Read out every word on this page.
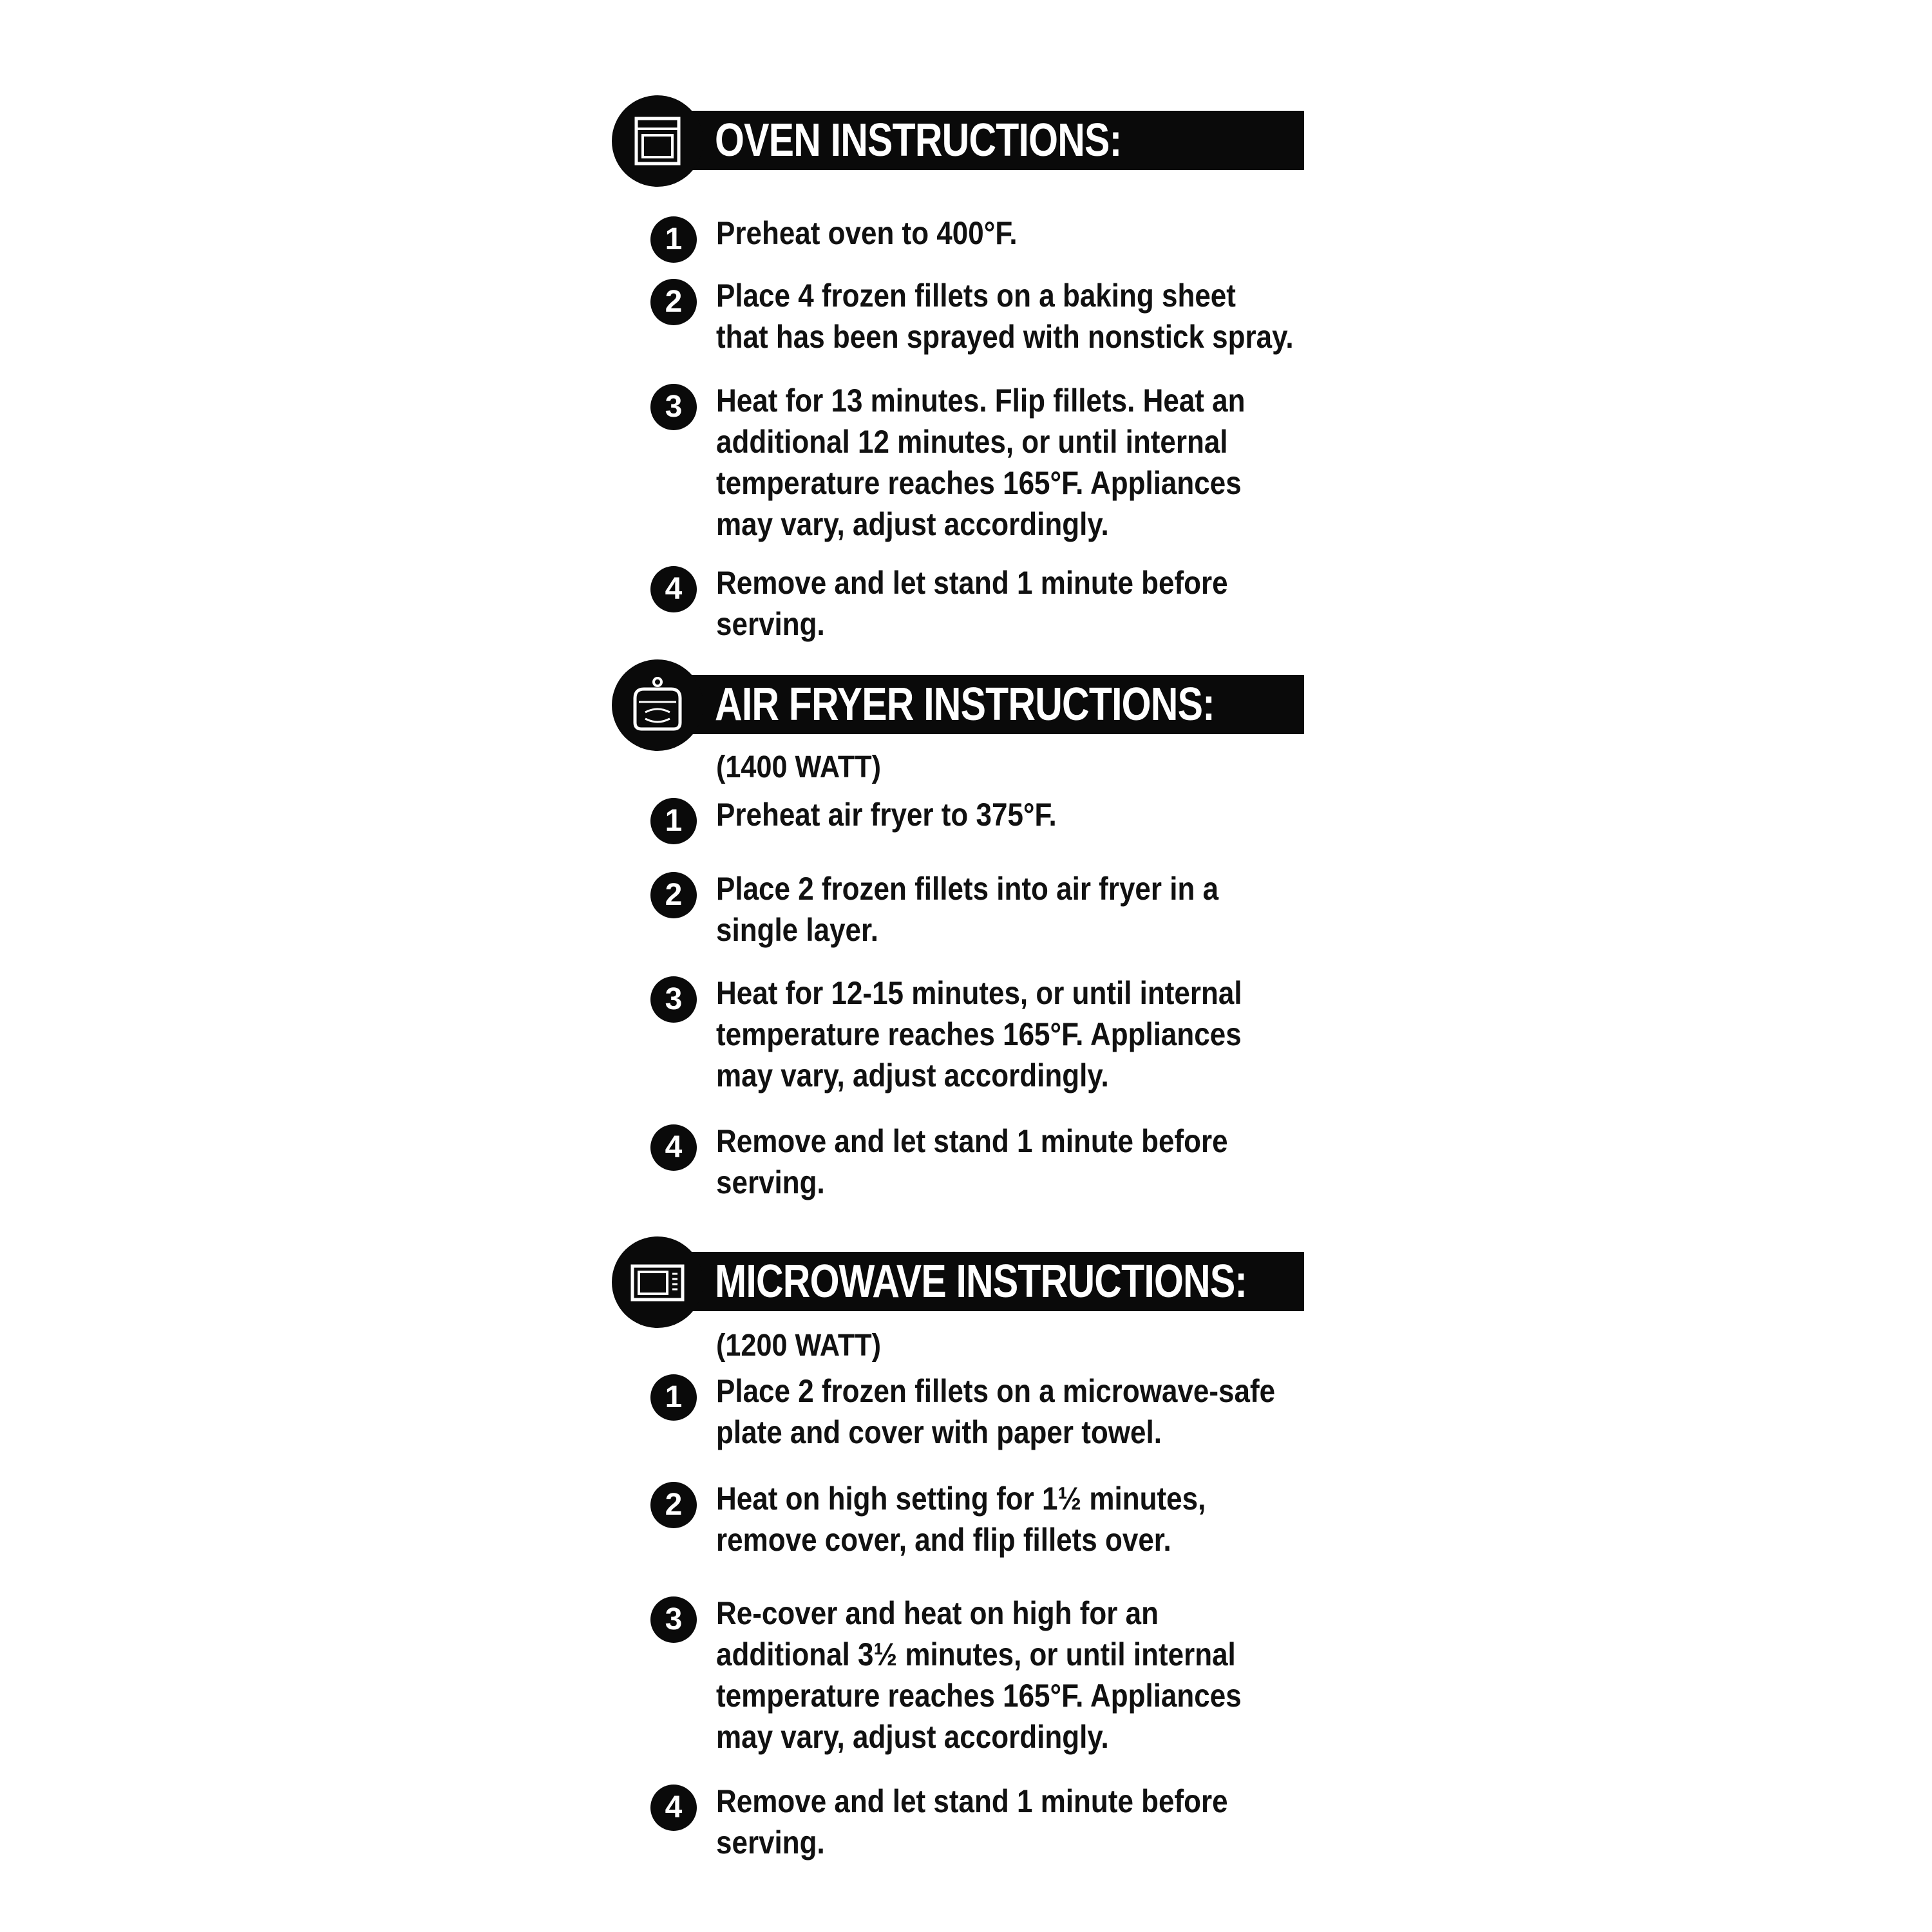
OVEN INSTRUCTIONS:
1	Preheat oven to 400°F.
2	Place 4 frozen fillets on a baking sheet
that has been sprayed with nonstick spray.
3	Heat for 13 minutes. Flip fillets. Heat an
additional 12 minutes, or until internal
temperature reaches 165°F. Appliances
may vary, adjust accordingly.
4	Remove and let stand 1 minute before
serving.
AIR FRYER INSTRUCTIONS:
(1400 WATT)
1	Preheat air fryer to 375°F.
2	Place 2 frozen fillets into air fryer in a
single layer.
3	Heat for 12-15 minutes, or until internal
temperature reaches 165°F. Appliances
may vary, adjust accordingly.
4	Remove and let stand 1 minute before
serving.
MICROWAVE INSTRUCTIONS:
(1200 WATT)
1	Place 2 frozen fillets on a microwave-safe
plate and cover with paper towel.
2	Heat on high setting for 1½ minutes,
remove cover, and flip fillets over.
3	Re-cover and heat on high for an
additional 3½ minutes, or until internal
temperature reaches 165°F. Appliances
may vary, adjust accordingly.
4	Remove and let stand 1 minute before
serving.
